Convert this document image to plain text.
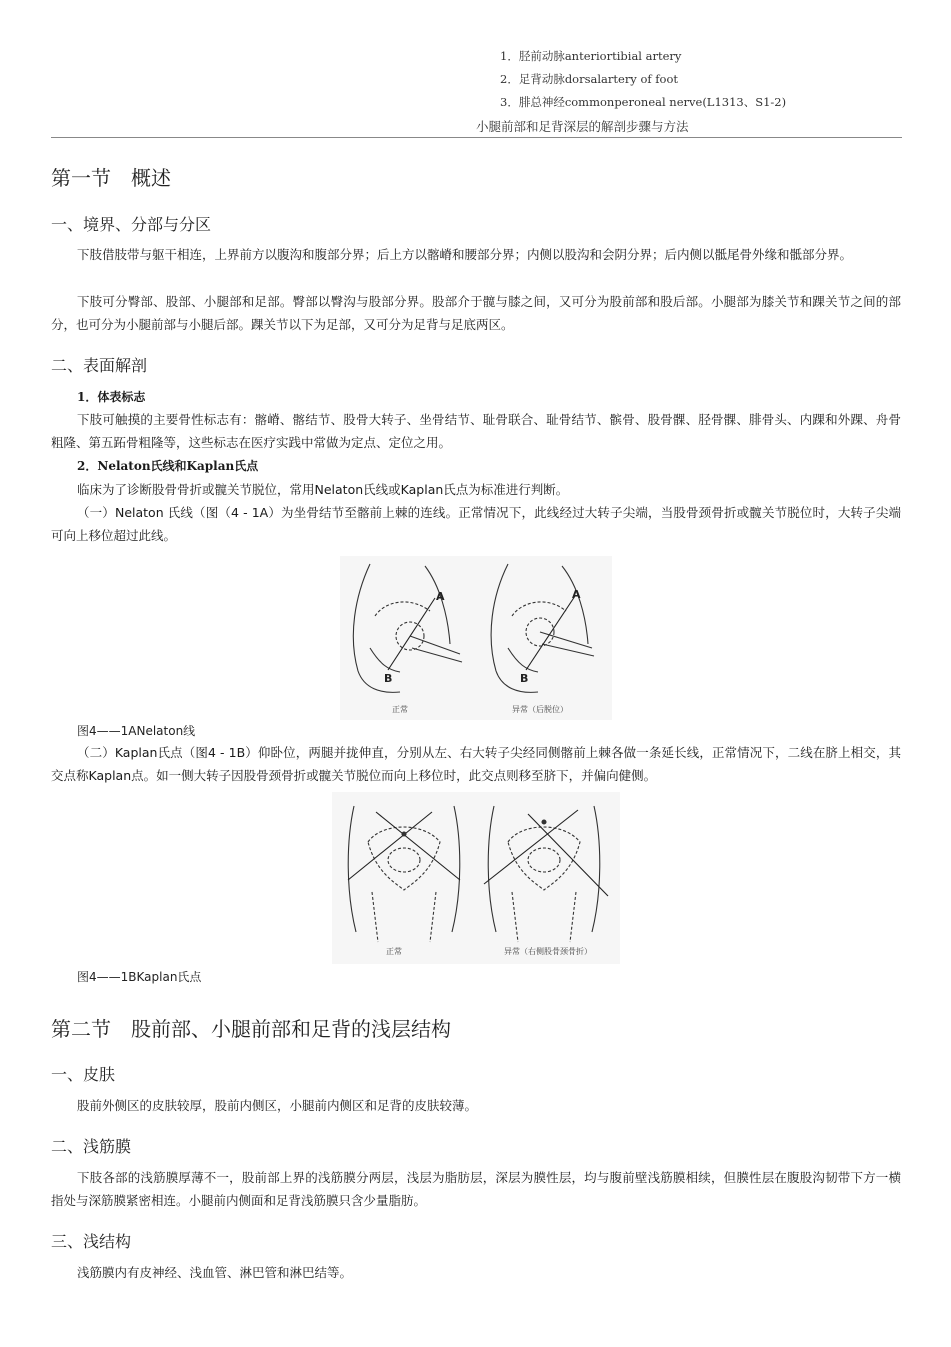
1．胫前动脉anteriortibial artery
2．足背动脉dorsalartery of foot
3．腓总神经commonperoneal nerve(L1313、S1-2)
小腿前部和足背深层的解剖步骤与方法
第一节　概述
一、境界、分部与分区
下肢借肢带与躯干相连，上界前方以腹沟和腹部分界；后上方以髂嵴和腰部分界；内侧以股沟和会阴分界；后内侧以骶尾骨外缘和骶部分界。
下肢可分臀部、股部、小腿部和足部。臀部以臀沟与股部分界。股部介于髋与膝之间，又可分为股前部和股后部。小腿部为膝关节和踝关节之间的部分，也可分为小腿前部与小腿后部。踝关节以下为足部，又可分为足背与足底两区。
二、表面解剖
1．体表标志
下肢可触摸的主要骨性标志有：髂嵴、髂结节、股骨大转子、坐骨结节、耻骨联合、耻骨结节、髌骨、股骨髁、胫骨髁、腓骨头、内踝和外踝、舟骨粗隆、第五跖骨粗隆等，这些标志在医疗实践中常做为定点、定位之用。
2．Nelaton氏线和Kaplan氏点
临床为了诊断股骨骨折或髋关节脱位，常用Nelaton氏线或Kaplan氏点为标准进行判断。
（一）Nelaton 氏线（图（4 - 1A）为坐骨结节至髂前上棘的连线。正常情况下，此线经过大转子尖端，当股骨颈骨折或髋关节脱位时，大转子尖端可向上移位超过此线。
A
B
A
B
正常	异常（后脱位）
图4——1ANelaton线
（二）Kaplan氏点（图4 - 1B）仰卧位，两腿并拢伸直，分别从左、右大转子尖经同侧髂前上棘各做一条延长线，正常情况下，二线在脐上相交，其交点称Kaplan点。如一侧大转子因股骨颈骨折或髋关节脱位而向上移位时，此交点则移至脐下，并偏向健侧。
正常	异常（右侧股骨颈骨折）
图4——1BKaplan氏点
第二节　股前部、小腿前部和足背的浅层结构
一、皮肤
股前外侧区的皮肤较厚，股前内侧区，小腿前内侧区和足背的皮肤较薄。
二、浅筋膜
下肢各部的浅筋膜厚薄不一，股前部上界的浅筋膜分两层，浅层为脂肪层，深层为膜性层，均与腹前壁浅筋膜相续，但膜性层在腹股沟韧带下方一横指处与深筋膜紧密相连。小腿前内侧面和足背浅筋膜只含少量脂肪。
三、浅结构
浅筋膜内有皮神经、浅血管、淋巴管和淋巴结等。
